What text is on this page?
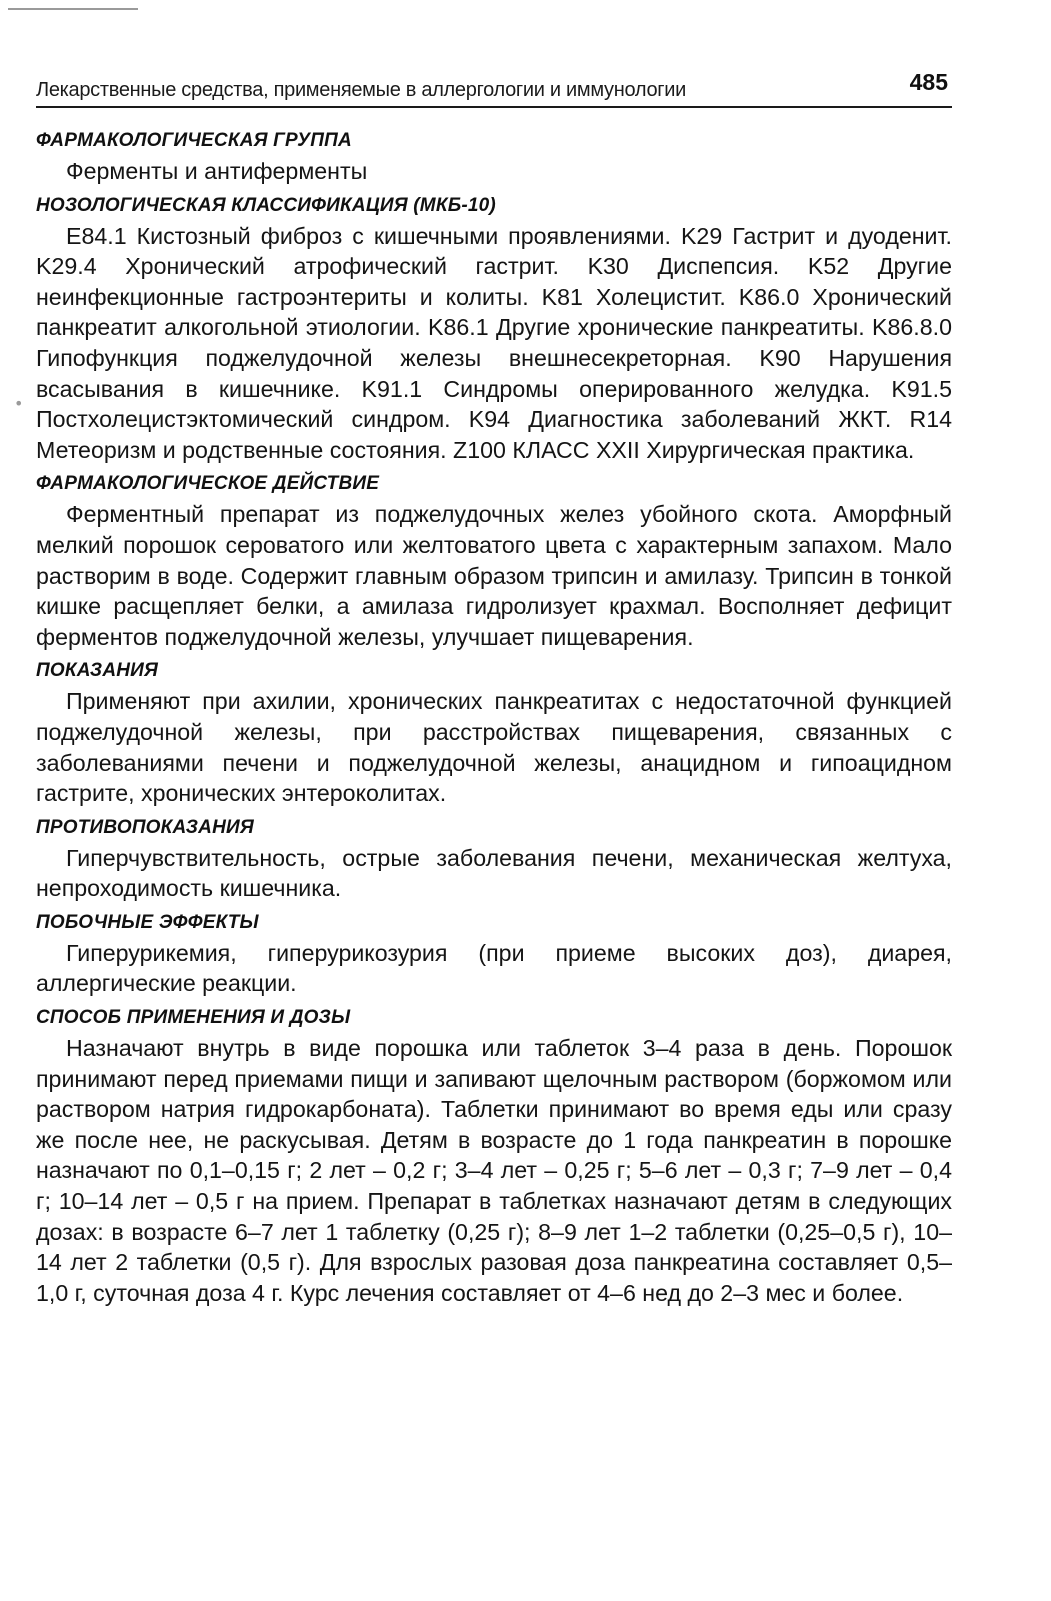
Лекарственные средства, применяемые в аллергологии и иммунологии	485
•
ФАРМАКОЛОГИЧЕСКАЯ ГРУППА

Ферменты и антиферменты

НОЗОЛОГИЧЕСКАЯ КЛАССИФИКАЦИЯ (МКБ-10)

E84.1 Кистозный фиброз с кишечными проявлениями. K29 Гастрит и дуоденит. K29.4 Хронический атрофический гастрит. K30 Диспепсия. K52 Другие неинфекционные гастроэнтериты и колиты. K81 Холецистит. K86.0 Хронический панкреатит алкогольной этиологии. K86.1 Другие хронические панкреатиты. K86.8.0 Гипофункция поджелудочной железы внешнесекреторная. K90 Нарушения всасывания в кишечнике. K91.1 Синдромы оперированного желудка. K91.5 Постхолецистэктомический синдром. K94 Диагностика заболеваний ЖКТ. R14 Метеоризм и родственные состояния. Z100 КЛАСС XXII Хирургическая практика.

ФАРМАКОЛОГИЧЕСКОЕ ДЕЙСТВИЕ

Ферментный препарат из поджелудочных желез убойного скота. Аморфный мелкий порошок сероватого или желтоватого цвета с характерным запахом. Мало растворим в воде. Содержит главным образом трипсин и амилазу. Трипсин в тонкой кишке расщепляет белки, а амилаза гидролизует крахмал. Восполняет дефицит ферментов поджелудочной железы, улучшает пищеварения.

ПОКАЗАНИЯ

Применяют при ахилии, хронических панкреатитах с недостаточной функцией поджелудочной железы, при расстройствах пищеварения, связанных с заболеваниями печени и поджелудочной железы, анацидном и гипоацидном гастрите, хронических энтероколитах.

ПРОТИВОПОКАЗАНИЯ

Гиперчувствительность, острые заболевания печени, механическая желтуха, непроходимость кишечника.

ПОБОЧНЫЕ ЭФФЕКТЫ

Гиперурикемия, гиперурикозурия (при приеме высоких доз), диарея, аллергические реакции.

СПОСОБ ПРИМЕНЕНИЯ И ДОЗЫ

Назначают внутрь в виде порошка или таблеток 3–4 раза в день. Порошок принимают перед приемами пищи и запивают щелочным раствором (боржомом или раствором натрия гидрокарбоната). Таблетки принимают во время еды или сразу же после нее, не раскусывая. Детям в возрасте до 1 года панкреатин в порошке назначают по 0,1–0,15 г; 2 лет – 0,2 г; 3–4 лет – 0,25 г; 5–6 лет – 0,3 г; 7–9 лет – 0,4 г; 10–14 лет – 0,5 г на прием. Препарат в таблетках назначают детям в следующих дозах: в возрасте 6–7 лет 1 таблетку (0,25 г); 8–9 лет 1–2 таблетки (0,25–0,5 г), 10–14 лет 2 таблетки (0,5 г). Для взрослых разовая доза панкреатина составляет 0,5–1,0 г, суточная доза 4 г. Курс лечения составляет от 4–6 нед до 2–3 мес и более.
